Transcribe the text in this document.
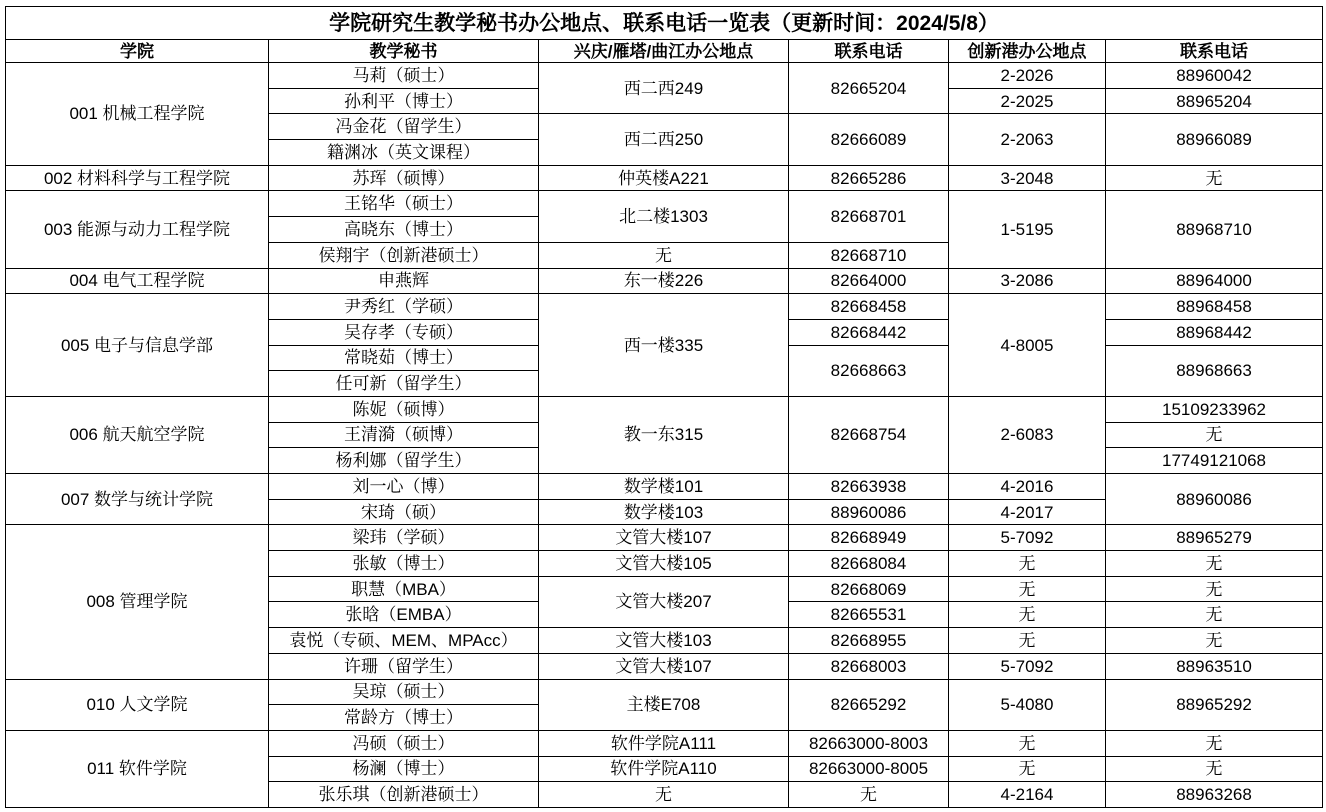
学院研究生教学秘书办公地点、联系电话一览表（更新时间：2024/5/8）					
学院	教学秘书	兴庆/雁塔/曲江办公地点	联系电话	创新港办公地点	联系电话
001 机械工程学院	马莉（硕士）	西二西249	82665204	2-2026	88960042
	孙利平（博士）			2-2025	88965204
	冯金花（留学生）	西二西250	82666089	2-2063	88966089
	籍渊冰（英文课程）				
002 材料科学与工程学院	苏珲（硕博）	仲英楼A221	82665286	3-2048	无
003 能源与动力工程学院	王铭华（硕士）	北二楼1303	82668701	1-5195	88968710
	高晓东（博士）				
	侯翔宇（创新港硕士）	无	82668710		
004 电气工程学院	申燕辉	东一楼226	82664000	3-2086	88964000
005 电子与信息学部	尹秀红（学硕）	西一楼335	82668458	4-8005	88968458
	吴存孝（专硕）		82668442		88968442
	常晓茹（博士）		82668663		88968663
	任可新（留学生）				
006 航天航空学院	陈妮（硕博）	教一东315	82668754	2-6083	15109233962
	王清漪（硕博）				无
	杨利娜（留学生）				17749121068
007 数学与统计学院	刘一心（博）	数学楼101	82663938	4-2016	88960086
	宋琦（硕）	数学楼103	88960086	4-2017	
008 管理学院	梁玮（学硕）	文管大楼107	82668949	5-7092	88965279
	张敏（博士）	文管大楼105	82668084	无	无
	职慧（MBA）	文管大楼207	82668069	无	无
	张晗（EMBA）		82665531	无	无
	袁悦（专硕、MEM、MPAcc）	文管大楼103	82668955	无	无
	许珊（留学生）	文管大楼107	82668003	5-7092	88963510
010 人文学院	吴琼（硕士）	主楼E708	82665292	5-4080	88965292
	常龄方（博士）				
011 软件学院	冯硕（硕士）	软件学院A111	82663000-8003	无	无
	杨澜（博士）	软件学院A110	82663000-8005	无	无
	张乐琪（创新港硕士）	无	无	4-2164	88963268
